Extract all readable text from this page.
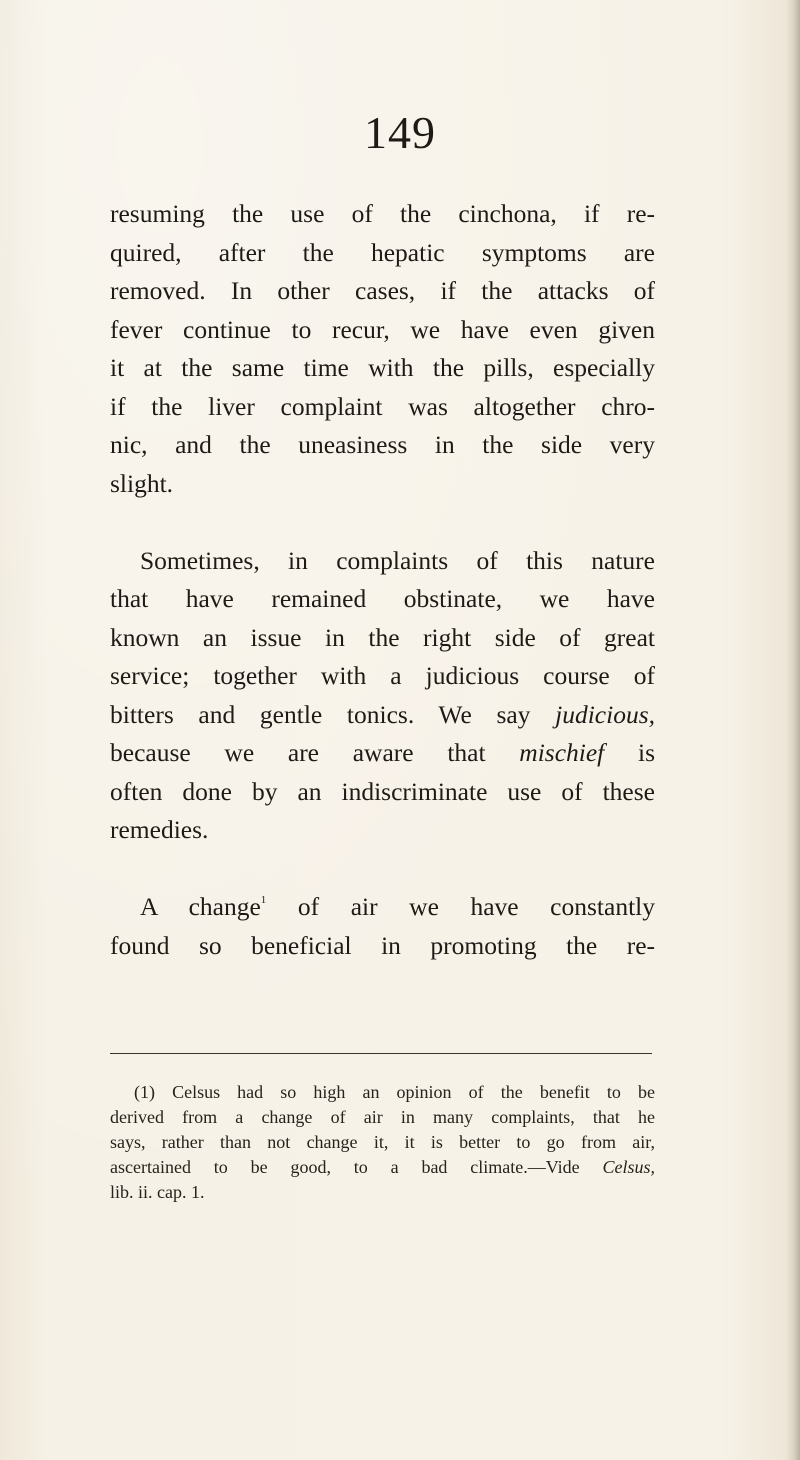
149
resuming the use of the cinchona, if re-
quired, after the hepatic symptoms are
removed. In other cases, if the attacks of
fever continue to recur, we have even given
it at the same time with the pills, especially
if the liver complaint was altogether chro-
nic, and the uneasiness in the side very
slight.
Sometimes, in complaints of this nature
that have remained obstinate, we have
known an issue in the right side of great
service; together with a judicious course of
bitters and gentle tonics. We say judicious,
because we are aware that mischief is
often done by an indiscriminate use of these
remedies.
A change$^1$ of air we have constantly
found so beneficial in promoting the re-
(1) Celsus had so high an opinion of the benefit to be
derived from a change of air in many complaints, that he
says, rather than not change it, it is better to go from air,
ascertained to be good, to a bad climate.—Vide Celsus,
lib. ii. cap. 1.
